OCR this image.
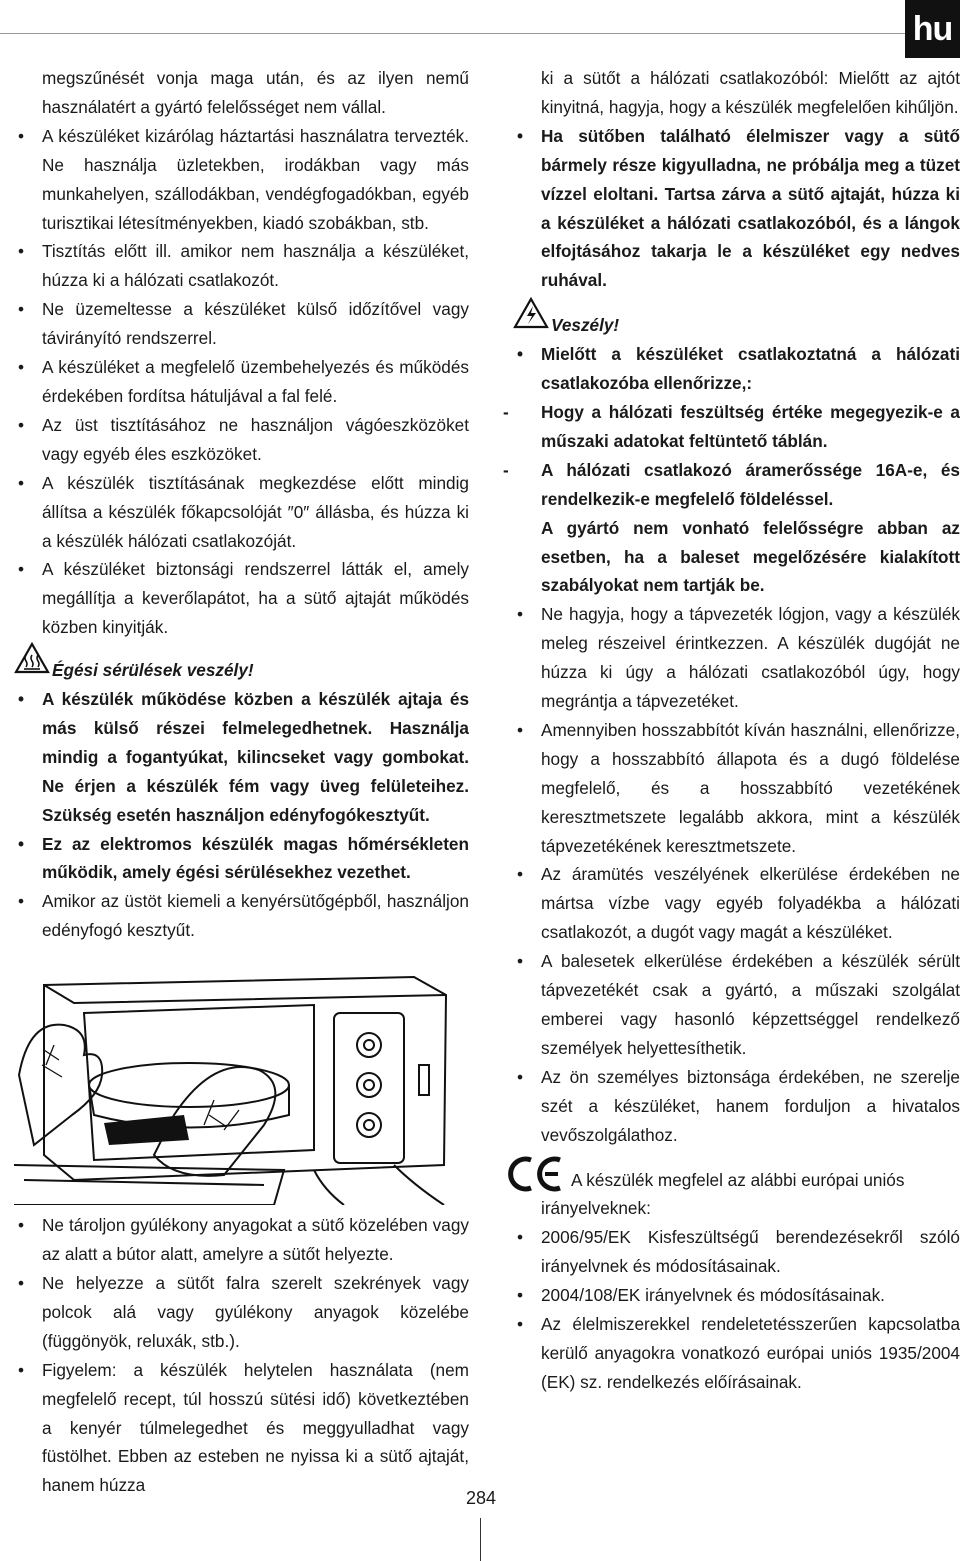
hu
megszűnését vonja maga után, és az ilyen nemű használatért a gyártó felelősséget nem vállal.
•	A készüléket kizárólag háztartási használatra tervezték. Ne használja üzletekben, irodákban vagy más munkahelyen, szállodákban, vendégfogadókban, egyéb turisztikai létesítményekben, kiadó szobákban, stb.
•	Tisztítás előtt ill. amikor nem használja a készüléket, húzza ki a hálózati csatlakozót.
•	Ne üzemeltesse a készüléket külső időzítővel vagy távirányító rendszerrel.
•	A készüléket a megfelelő üzembehelyezés és működés érdekében fordítsa hátuljával a fal felé.
•	Az üst tisztításához ne használjon vágóeszközöket vagy egyéb éles eszközöket.
•	A készülék tisztításának megkezdése előtt mindig állítsa a készülék főkapcsolóját ″0″ állásba, és húzza ki a készülék hálózati csatlakozóját.
•	A készüléket biztonsági rendszerrel látták el, amely megállítja a keverőlapátot, ha a sütő ajtaját működés közben kinyitják.
Égési sérülések veszély!
•	A készülék működése közben a készülék ajtaja és más külső részei felmelegedhetnek. Használja mindig a fogantyúkat, kilincseket vagy gombokat. Ne érjen a készülék fém vagy üveg felületeihez. Szükség esetén használjon edényfogókesztyűt.
•	Ez az elektromos készülék magas hőmérsékleten működik, amely égési sérülésekhez vezethet.
•	Amikor az üstöt kiemeli a kenyérsütőgépből, használjon edényfogó kesztyűt.
•	Ne tároljon gyúlékony anyagokat a sütő közelében vagy az alatt a bútor alatt, amelyre a sütőt helyezte.
•	Ne helyezze a sütőt falra szerelt szekrények vagy polcok alá vagy gyúlékony anyagok közelébe (függönyök, reluxák, stb.).
•	Figyelem: a készülék helytelen használata (nem megfelelő recept, túl hosszú sütési idő) következtében a kenyér túlmelegedhet és meggyulladhat vagy füstölhet. Ebben az esteben ne nyissa ki a sütő ajtaját, hanem húzza
ki a sütőt a hálózati csatlakozóból: Mielőtt az ajtót kinyitná, hagyja, hogy a készülék megfelelően kihűljön.
•	Ha sütőben található élelmiszer vagy a sütő bármely része kigyulladna, ne próbálja meg a tüzet vízzel eloltani. Tartsa zárva a sütő ajtaját, húzza ki a készüléket a hálózati csatlakozóból, és a lángok elfojtásához takarja le a készüléket egy nedves ruhával.
Veszély!
•	Mielőtt a készüléket csatlakoztatná a hálózati csatlakozóba ellenőrizze,:
- Hogy a hálózati feszültség értéke megegyezik-e a műszaki adatokat feltüntető táblán.
- A hálózati csatlakozó áramerőssége 16A-e, és rendelkezik-e megfelelő földeléssel.
A gyártó nem vonható felelősségre abban az esetben, ha a baleset megelőzésére kialakított szabályokat nem tartják be.
•	Ne hagyja, hogy a tápvezeték lógjon, vagy a készülék meleg részeivel érintkezzen. A készülék dugóját ne húzza ki úgy a hálózati csatlakozóból úgy, hogy megrántja a tápvezetéket.
•	Amennyiben hosszabbítót kíván használni, ellenőrizze, hogy a hosszabbító állapota és a dugó földelése megfelelő, és a hosszabbító vezetékének keresztmetszete legalább akkora, mint a készülék tápvezetékének keresztmetszete.
•	Az áramütés veszélyének elkerülése érdekében ne mártsa vízbe vagy egyéb folyadékba a hálózati csatlakozót, a dugót vagy magát a készüléket.
•	A balesetek elkerülése érdekében a készülék sérült tápvezetékét csak a gyártó, a műszaki szolgálat emberei vagy hasonló képzettséggel rendelkező személyek helyettesíthetik.
•	Az ön személyes biztonsága érdekében, ne szerelje szét a készüléket, hanem forduljon a hivatalos vevőszolgálathoz.
A készülék megfelel az alábbi európai uniós irányelveknek:
•	2006/95/EK Kisfeszültségű berendezésekről szóló irányelvnek és módosításainak.
•	2004/108/EK irányelvnek és módosításainak.
•	Az élelmiszerekkel rendeletetésszerűen kapcsolatba kerülő anyagokra vonatkozó európai uniós 1935/2004 (EK) sz. rendelkezés előírásainak.
284
